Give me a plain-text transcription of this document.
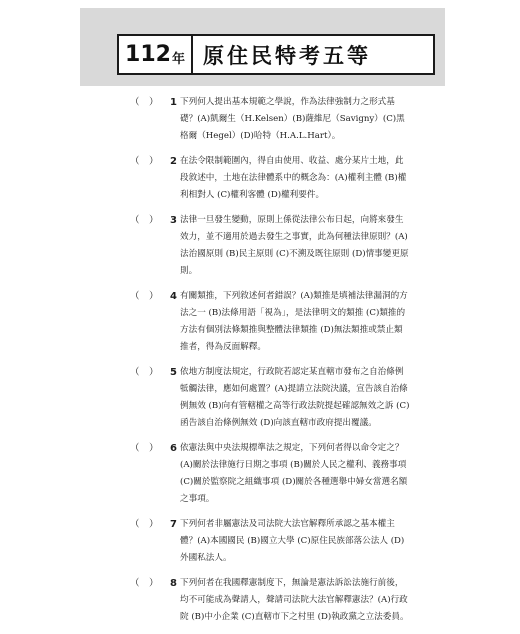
112 年 原住民特考五等
（　） 1 下列何人提出基本規範之學說，作為法律強制力之形式基礎？(A)凱爾生（H.Kelsen）(B)薩維尼（Savigny）(C)黑格爾（Hegel）(D)哈特（H.A.L.Hart）。
（　） 2 在法令限制範圍內，得自由使用、收益、處分某片土地，此段敘述中，土地在法律體系中的概念為：(A)權利主體 (B)權利相對人 (C)權利客體 (D)權利要件。
（　） 3 法律一旦發生變動，原則上係從法律公布日起，向將來發生效力，並不適用於過去發生之事實，此為何種法律原則？(A)法治國原則 (B)民主原則 (C)不溯及既往原則 (D)情事變更原則。
（　） 4 有關類推，下列敘述何者錯誤？(A)類推是填補法律漏洞的方法之一 (B)法條用語「視為」，是法律明文的類推 (C)類推的方法有個別法條類推與整體法律類推 (D)無法類推或禁止類推者，得為反面解釋。
（　） 5 依地方制度法規定，行政院若認定某直轄市發布之自治條例牴觸法律，應如何處置？(A)提請立法院決議，宣告該自治條例無效 (B)向有管轄權之高等行政法院提起確認無效之訴 (C)函告該自治條例無效 (D)向該直轄市政府提出覆議。
（　） 6 依憲法與中央法規標準法之規定，下列何者得以命令定之？(A)關於法律施行日期之事項 (B)關於人民之權利、義務事項 (C)關於監察院之組織事項 (D)關於各種選舉中婦女當選名額之事項。
（　） 7 下列何者非屬憲法及司法院大法官解釋所承認之基本權主體？(A)本國國民 (B)國立大學 (C)原住民族部落公法人 (D)外國私法人。
（　） 8 下列何者在我國釋憲制度下，無論是憲法訴訟法施行前後，均不可能成為聲請人，聲請司法院大法官解釋憲法？(A)行政院 (B)中小企業 (C)直轄市下之村里 (D)執政黨之立法委員。
